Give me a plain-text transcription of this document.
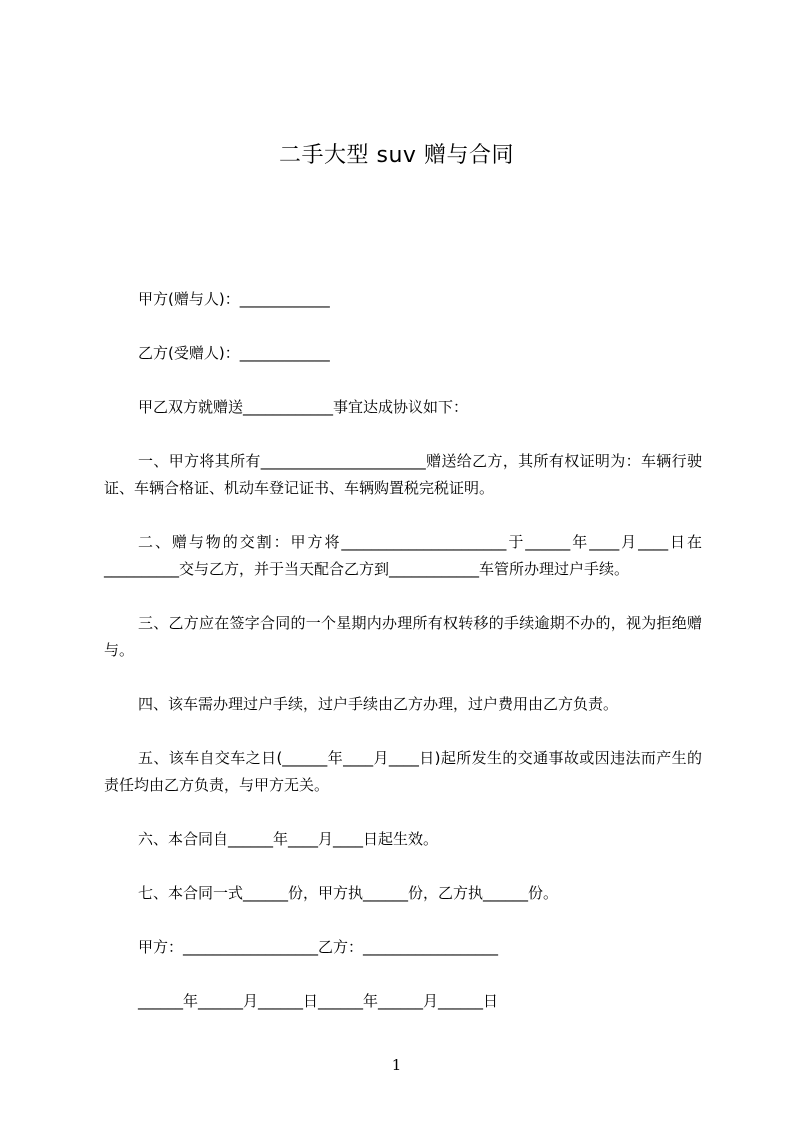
二手大型 suv 赠与合同

甲方(赠与人)：____________

乙方(受赠人)：____________

甲乙双方就赠送____________事宜达成协议如下：

一、甲方将其所有______________________赠送给乙方，其所有权证明为：车辆行驶证、车辆合格证、机动车登记证书、车辆购置税完税证明。

二、赠与物的交割：甲方将______________________于______年____月____日在__________交与乙方，并于当天配合乙方到____________车管所办理过户手续。

三、乙方应在签字合同的一个星期内办理所有权转移的手续逾期不办的，视为拒绝赠与。

四、该车需办理过户手续，过户手续由乙方办理，过户费用由乙方负责。

五、该车自交车之日(______年____月____日)起所发生的交通事故或因违法而产生的责任均由乙方负责，与甲方无关。

六、本合同自______年____月____日起生效。

七、本合同一式______份，甲方执______份，乙方执______份。

甲方：__________________乙方：__________________

______年______月______日______年______月______日

1
